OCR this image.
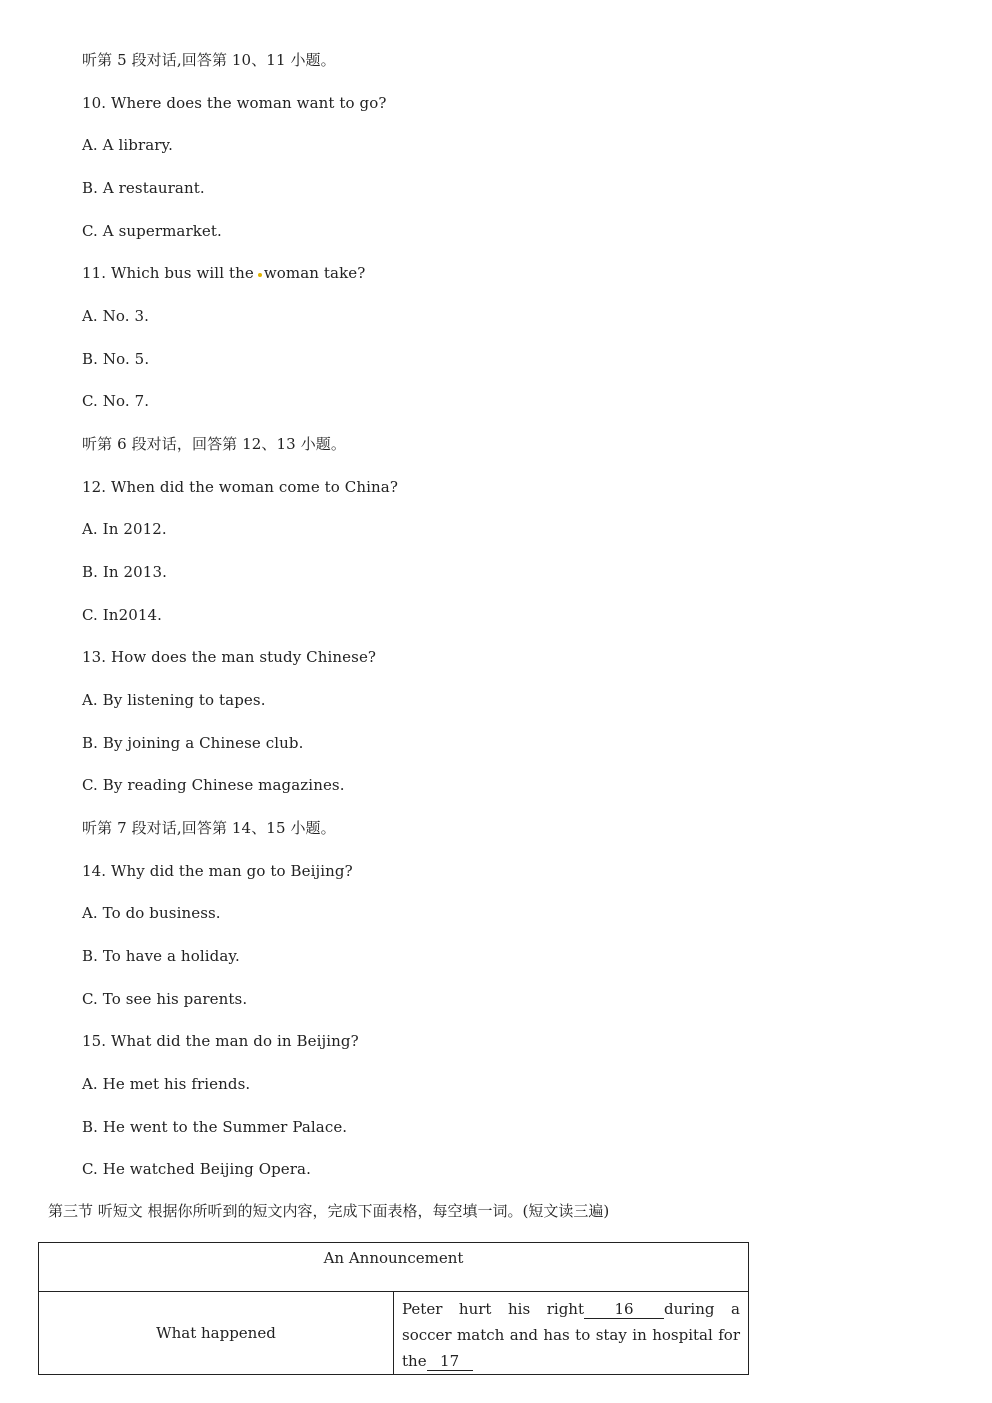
听第 5 段对话,回答第 10、11 小题。

10. Where does the woman want to go?

A. A library.

B. A restaurant.

C. A supermarket.

11. Which bus will the woman take?

A. No. 3.

B. No. 5.

C. No. 7.

听第 6 段对话，回答第 12、13 小题。

12. When did the woman come to China?

A. In 2012.

B. In 2013.

C. In2014.

13. How does the man study Chinese?

A. By listening to tapes.

B. By joining a Chinese club.

C. By reading Chinese magazines.

听第 7 段对话,回答第 14、15 小题。

14. Why did the man go to Beijing?

A. To do business.

B. To have a holiday.

C. To see his parents.

15. What did the man do in Beijing?

A. He met his friends.

B. He went to the Summer Palace.

C. He watched Beijing Opera.

第三节 听短文 根据你所听到的短文内容，完成下面表格，每空填一词。(短文读三遍)

An Announcement
What happened	Peter hurt his right 16 during a soccer match and has to stay in hospital for the 17
